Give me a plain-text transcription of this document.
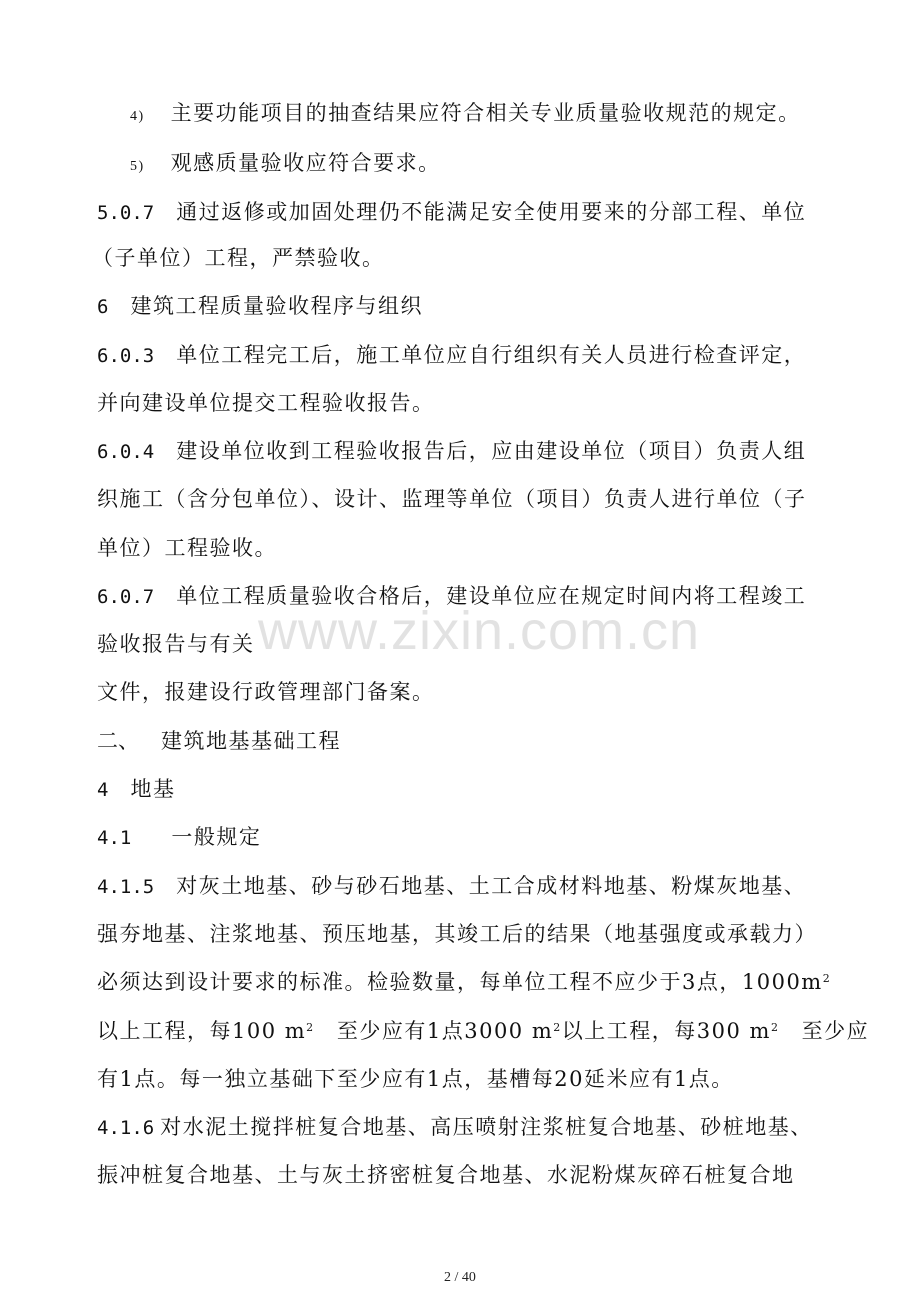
4) 主要功能项目的抽查结果应符合相关专业质量验收规范的规定。
5) 观感质量验收应符合要求。
5.0.7 通过返修或加固处理仍不能满足安全使用要来的分部工程、单位
（子单位）工程，严禁验收。
6 建筑工程质量验收程序与组织
6.0.3 单位工程完工后，施工单位应自行组织有关人员进行检查评定，
并向建设单位提交工程验收报告。
6.0.4 建设单位收到工程验收报告后，应由建设单位（项目）负责人组
织施工（含分包单位）、设计、监理等单位（项目）负责人进行单位（子
单位）工程验收。
6.0.7 单位工程质量验收合格后，建设单位应在规定时间内将工程竣工
验收报告与有关
文件，报建设行政管理部门备案。
二、 建筑地基基础工程
4 地基
4.1 一般规定
4.1.5 对灰土地基、砂与砂石地基、土工合成材料地基、粉煤灰地基、
强夯地基、注浆地基、预压地基，其竣工后的结果（地基强度或承载力）
必须达到设计要求的标准。检验数量，每单位工程不应少于3点，$1000m^2$
以上工程，每100 $m^2$ 至少应有1点3000 $m^2$以上工程，每300 $m^2$ 至少应
有1点。每一独立基础下至少应有1点，基槽每20延米应有1点。
4.1.6 对水泥土搅拌桩复合地基、高压喷射注浆桩复合地基、砂桩地基、
振冲桩复合地基、土与灰土挤密桩复合地基、水泥粉煤灰碎石桩复合地
www.zixin.com.cn
2 / 40
